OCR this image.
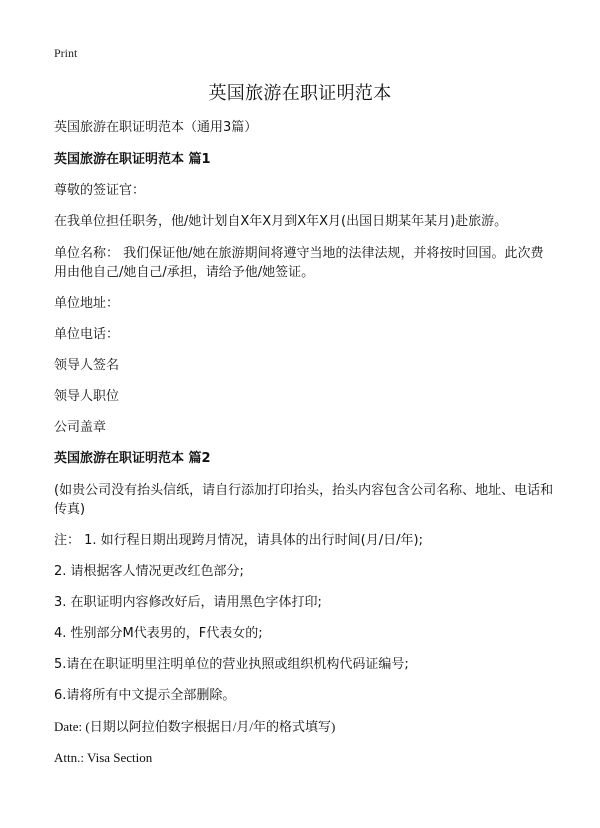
Print
英国旅游在职证明范本
英国旅游在职证明范本（通用3篇）
英国旅游在职证明范本 篇1
尊敬的签证官：
在我单位担任职务，他/她计划自X年X月到X年X月(出国日期某年某月)赴旅游。
单位名称： 我们保证他/她在旅游期间将遵守当地的法律法规，并将按时回国。此次费用由他自己/她自己/承担，请给予他/她签证。
单位地址：
单位电话：
领导人签名
领导人职位
公司盖章
英国旅游在职证明范本 篇2
(如贵公司没有抬头信纸，请自行添加打印抬头，抬头内容包含公司名称、地址、电话和传真)
注： 1. 如行程日期出现跨月情况，请具体的出行时间(月/日/年);
2. 请根据客人情况更改红色部分;
3. 在职证明内容修改好后，请用黑色字体打印;
4. 性别部分M代表男的，F代表女的;
5.请在在职证明里注明单位的营业执照或组织机构代码证编号;
6.请将所有中文提示全部删除。
Date: (日期以阿拉伯数字根据日/月/年的格式填写)
Attn.: Visa Section
